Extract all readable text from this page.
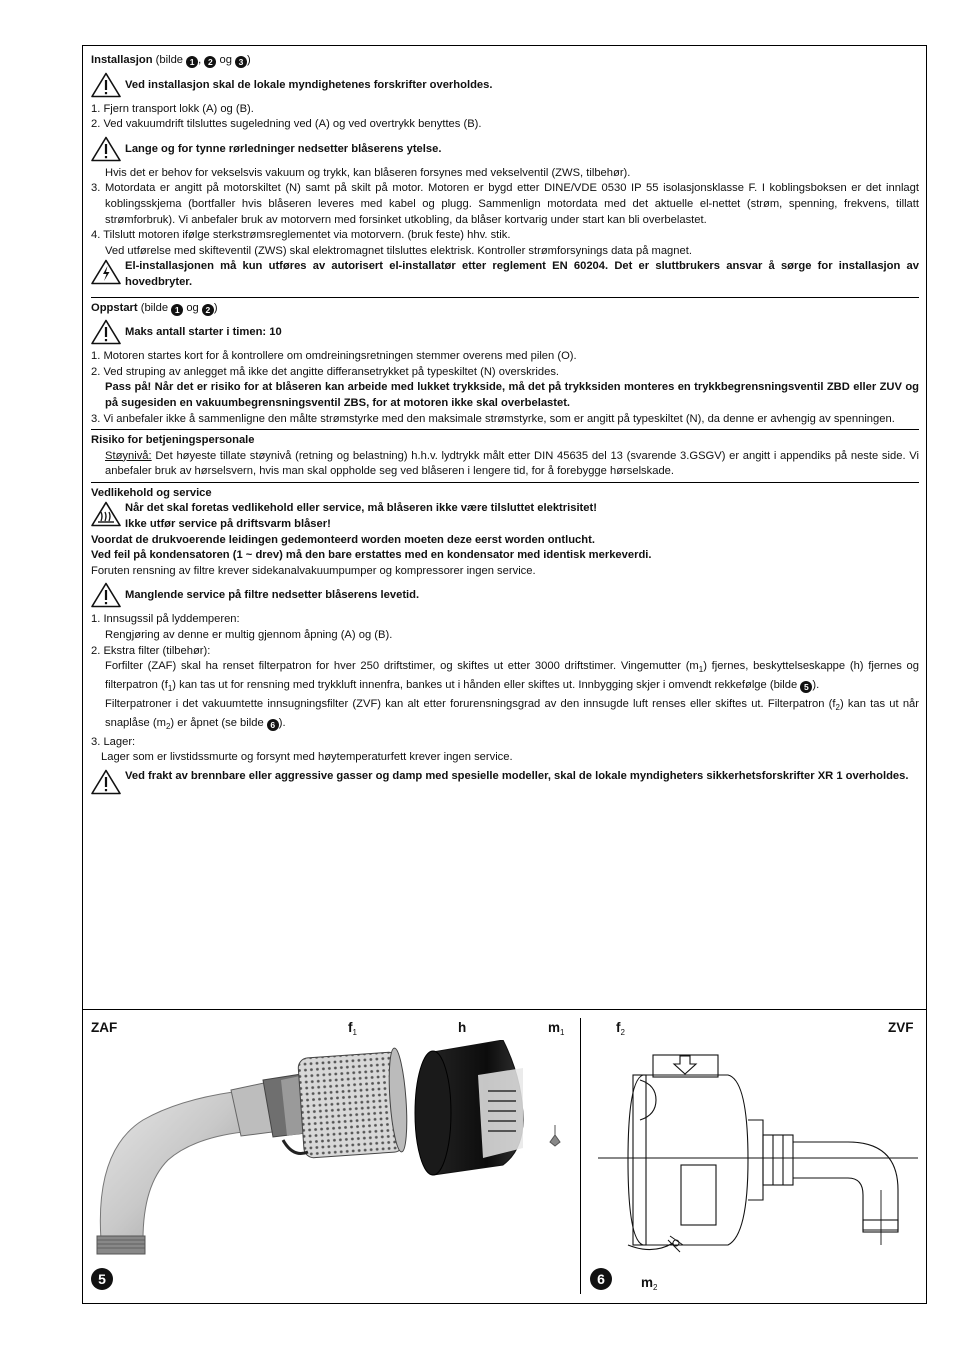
Installasjon (bilde 1 , 2 og 3 )
Ved installasjon skal de lokale myndighetenes forskrifter overholdes.
1. Fjern transport lokk (A) og (B).
2. Ved vakuumdrift tilsluttes sugeledning ved (A) og ved overtrykk benyttes (B).
Lange og for tynne rørledninger nedsetter blåserens ytelse.
Hvis det er behov for vekselsvis vakuum og trykk, kan blåseren forsynes med vekselventil (ZWS, tilbehør).
3. Motordata er angitt på motorskiltet (N) samt på skilt på motor. Motoren er bygd etter DINE/VDE 0530 IP 55 isolasjonsklasse F. I koblingsboksen er det innlagt koblingsskjema (bortfaller hvis blåseren leveres med kabel og plugg. Sammenlign motordata med det aktuelle el-nettet (strøm, spenning, frekvens, tillatt strømforbruk). Vi anbefaler bruk av motorvern med forsinket utkobling, da blåser kortvarig under start kan bli overbelastet.
4. Tilslutt motoren ifølge sterkstrømsreglementet via motorvern. (bruk feste) hhv. stik.
Ved utførelse med skifteventil (ZWS) skal elektromagnet tilsluttes elektrisk. Kontroller strømforsynings data på magnet.
El-installasjonen må kun utføres av autorisert el-installatør etter reglement EN 60204. Det er sluttbrukers ansvar å sørge for installasjon av hovedbryter.
Oppstart (bilde 1 og 2 )
Maks antall starter i timen: 10
1. Motoren startes kort for å kontrollere om omdreiningsretningen stemmer overens med pilen (O).
2. Ved struping av anlegget må ikke det angitte differansetrykket på typeskiltet (N) overskrides.
Pass på! Når det er risiko for at blåseren kan arbeide med lukket trykkside, må det på trykksiden monteres en trykkbegrensningsventil ZBD eller ZUV og på sugesiden en vakuumbegrensningsventil ZBS, for at motoren ikke skal overbelastet.
3. Vi anbefaler ikke å sammenligne den målte strømstyrke med den maksimale strømstyrke, som er angitt på typeskiltet (N), da denne er avhengig av spenningen.
Risiko for betjeningspersonale
Støynivå: Det høyeste tillate støynivå (retning og belastning) h.h.v. lydtrykk målt etter DIN 45635 del 13 (svarende 3.GSGV) er angitt i appendiks på neste side. Vi anbefaler bruk av hørselsvern, hvis man skal oppholde seg ved blåseren i lengere tid, for å forebygge hørselskade.
Vedlikehold og service
Når det skal foretas vedlikehold eller service, må blåseren ikke være tilsluttet elektrisitet!
Ikke utfør service på driftsvarm blåser!
Voordat de drukvoerende leidingen gedemonteerd worden moeten deze eerst worden ontlucht.
Ved feil på kondensatoren (1 ~ drev) må den bare erstattes med en kondensator med identisk merkeverdi.
Foruten rensning av filtre krever sidekanalvakuumpumper og kompressorer ingen service.
Manglende service på filtre nedsetter blåserens levetid.
1. Innsugssil på lyddemperen:
Rengjøring av denne er multig gjennom åpning (A) og (B).
2. Ekstra filter (tilbehør):
Forfilter (ZAF) skal ha renset filterpatron for hver 250 driftstimer, og skiftes ut etter 3000 driftstimer. Vingemutter $(m_1)$ fjernes, beskyttelseskappe (h) fjernes og filterpatron $(f_1)$ kan tas ut for rensning med trykkluft innenfra, bankes ut i hånden eller skiftes ut. Innbygging skjer i omvendt rekkefølge (bilde 5 ).
Filterpatroner i det vakuumtette innsugningsfilter (ZVF) kan alt etter forurensningsgrad av den innsugde luft renses eller skiftes ut. Filterpatron $(f_2)$ kan tas ut når snaplåse $(m_2)$ er åpnet (se bilde 6 ).
3. Lager:
Lager som er livstidssmurte og forsynt med høytemperaturfett krever ingen service.
Ved frakt av brennbare eller aggressive gasser og damp med spesielle modeller, skal de lokale myndigheters sikkerhetsforskrifter XR 1 overholdes.
ZAF	$f_1$	h	$m_1$	$f_2$	ZVF
$m_2$
5	6
